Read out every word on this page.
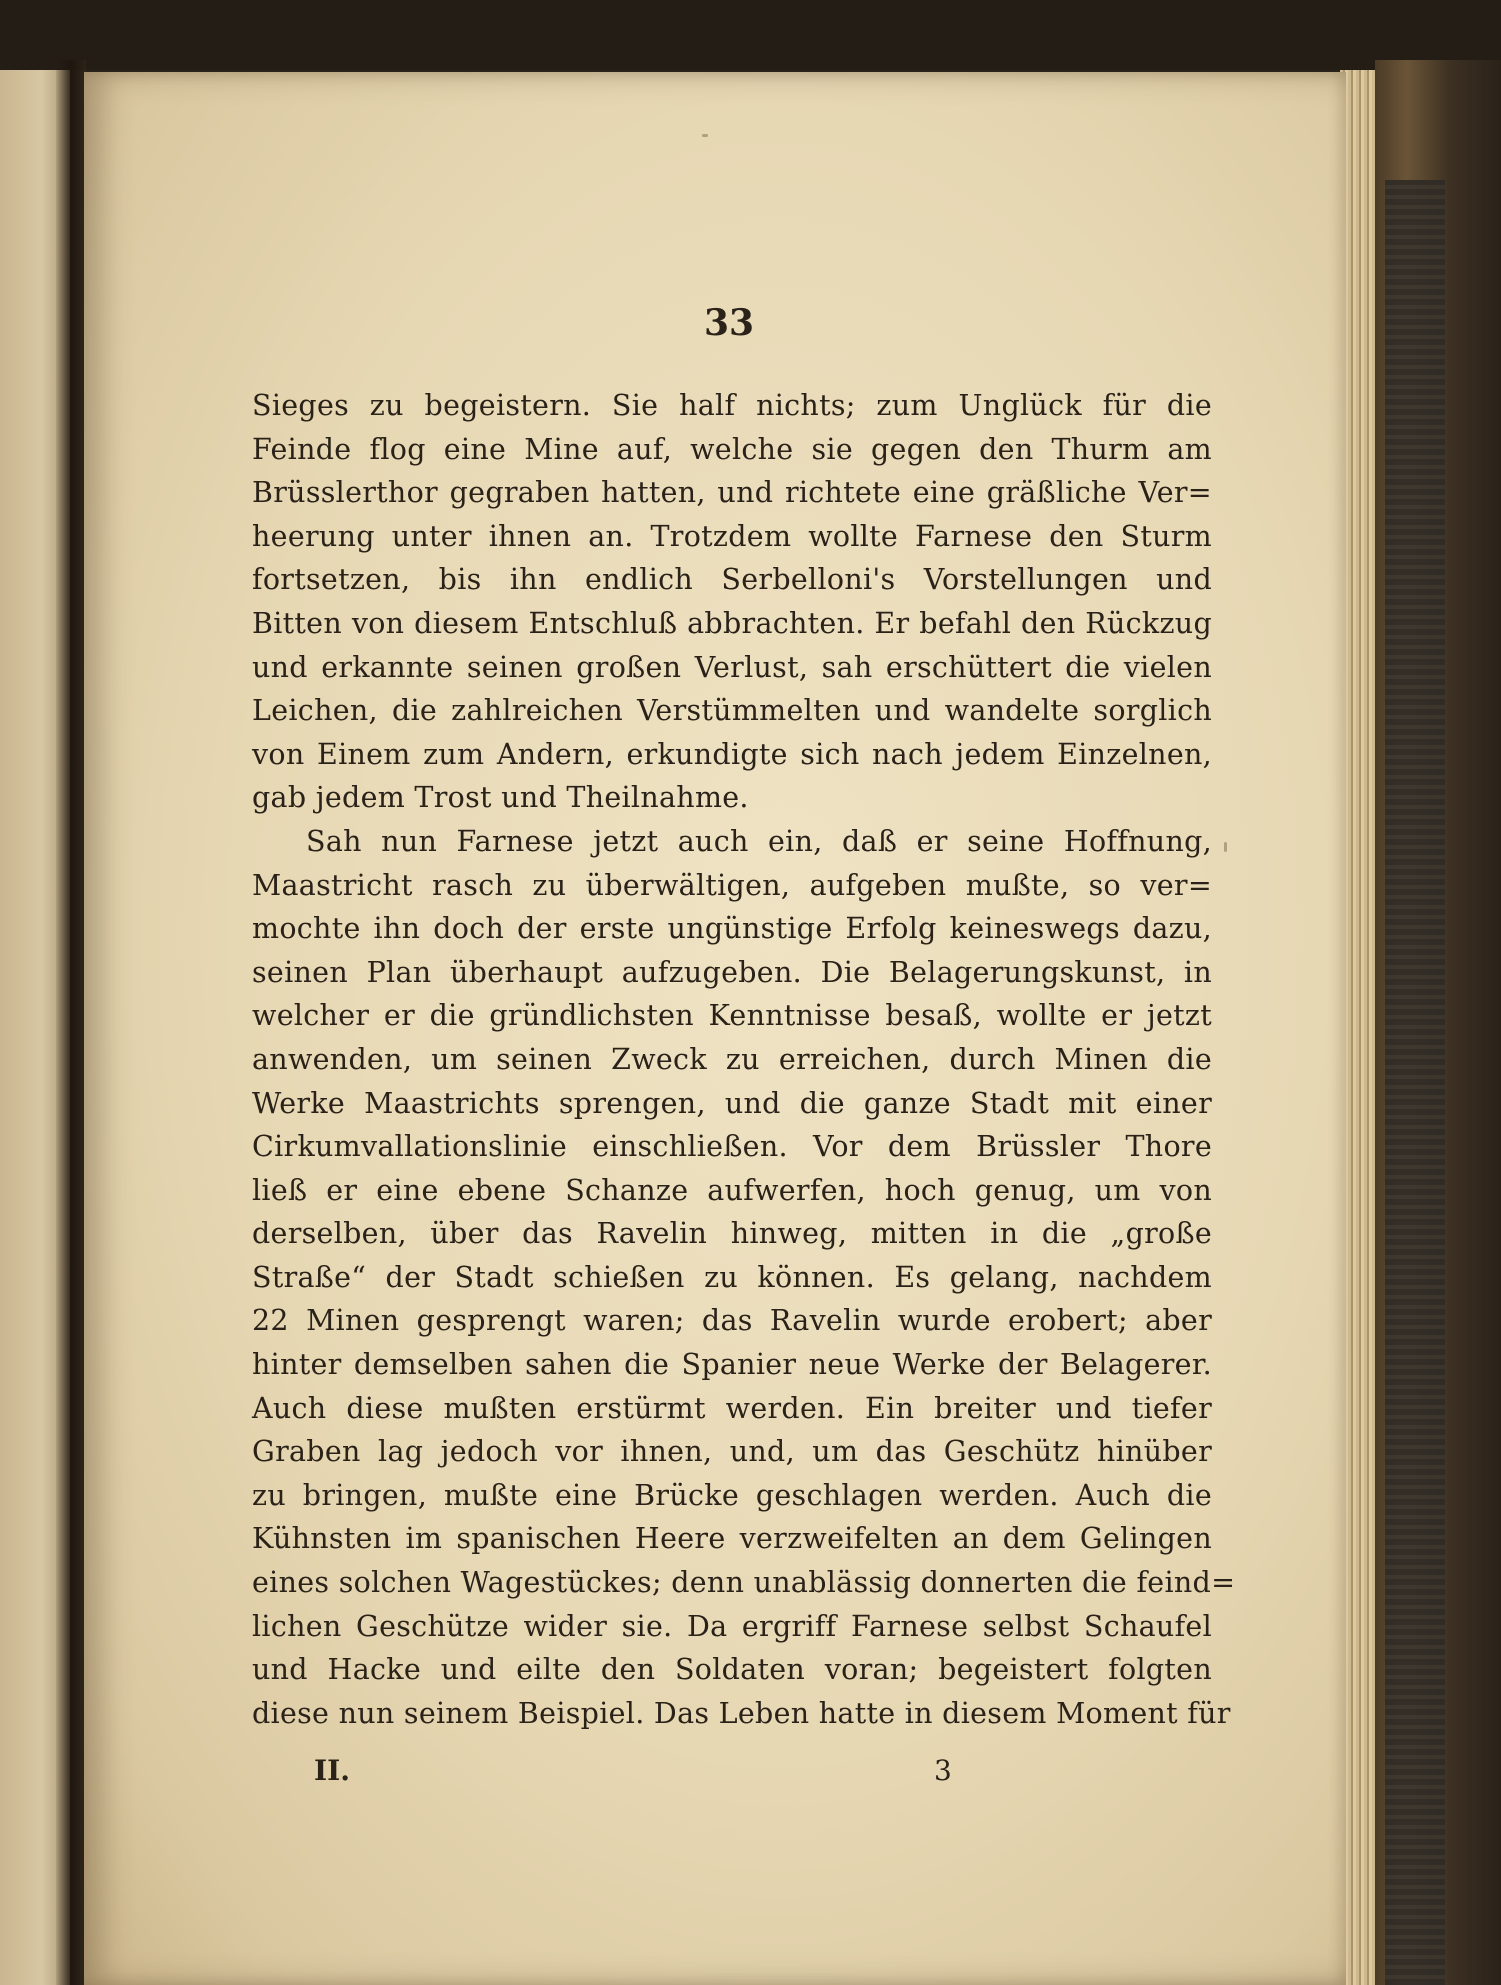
33
Sieges zu begeistern. Sie half nichts; zum Unglück für die
Feinde flog eine Mine auf, welche sie gegen den Thurm am
Brüsslerthor gegraben hatten, und richtete eine gräßliche Ver=
heerung unter ihnen an. Trotzdem wollte Farnese den Sturm
fortsetzen, bis ihn endlich Serbelloni's Vorstellungen und
Bitten von diesem Entschluß abbrachten. Er befahl den Rückzug
und erkannte seinen großen Verlust, sah erschüttert die vielen
Leichen, die zahlreichen Verstümmelten und wandelte sorglich
von Einem zum Andern, erkundigte sich nach jedem Einzelnen,
gab jedem Trost und Theilnahme.
Sah nun Farnese jetzt auch ein, daß er seine Hoffnung,
Maastricht rasch zu überwältigen, aufgeben mußte, so ver=
mochte ihn doch der erste ungünstige Erfolg keineswegs dazu,
seinen Plan überhaupt aufzugeben. Die Belagerungskunst, in
welcher er die gründlichsten Kenntnisse besaß, wollte er jetzt
anwenden, um seinen Zweck zu erreichen, durch Minen die
Werke Maastrichts sprengen, und die ganze Stadt mit einer
Cirkumvallationslinie einschließen. Vor dem Brüssler Thore
ließ er eine ebene Schanze aufwerfen, hoch genug, um von
derselben, über das Ravelin hinweg, mitten in die „große
Straße“ der Stadt schießen zu können. Es gelang, nachdem
22 Minen gesprengt waren; das Ravelin wurde erobert; aber
hinter demselben sahen die Spanier neue Werke der Belagerer.
Auch diese mußten erstürmt werden. Ein breiter und tiefer
Graben lag jedoch vor ihnen, und, um das Geschütz hinüber
zu bringen, mußte eine Brücke geschlagen werden. Auch die
Kühnsten im spanischen Heere verzweifelten an dem Gelingen
eines solchen Wagestückes; denn unablässig donnerten die feind=
lichen Geschütze wider sie. Da ergriff Farnese selbst Schaufel
und Hacke und eilte den Soldaten voran; begeistert folgten
diese nun seinem Beispiel. Das Leben hatte in diesem Moment für
II.	3
